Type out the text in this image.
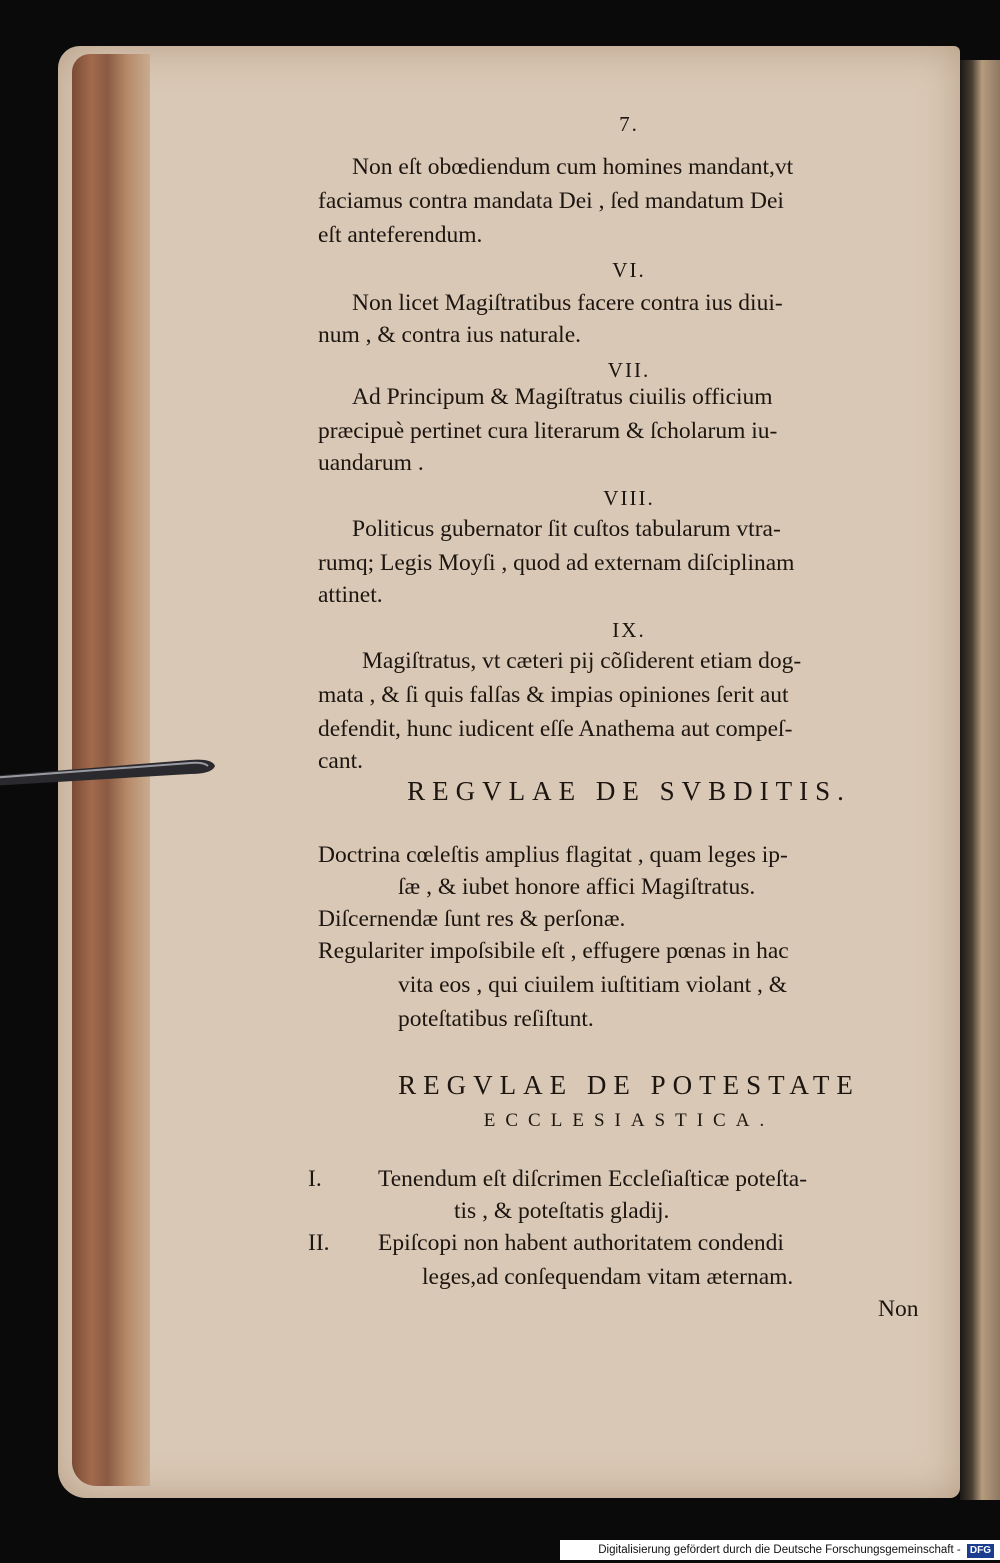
7.
Non eſt obœdiendum cum homines mandant,vt
faciamus contra mandata Dei , ſed mandatum Dei
eſt anteferendum.
VI.
Non licet Magiſtratibus facere contra ius diui-
num , & contra ius naturale.
VII.
Ad Principum & Magiſtratus ciuilis officium
præcipuè pertinet cura literarum & ſcholarum iu-
uandarum .
VIII.
Politicus gubernator ſit cuſtos tabularum vtra-
rumq; Legis Moyſi , quod ad externam diſciplinam
attinet.
IX.
Magiſtratus, vt cæteri pij cõſiderent etiam dog-
mata , & ſi quis falſas & impias opiniones ſerit aut
defendit, hunc iudicent eſſe Anathema aut compeſ-
cant.
REGVLAE DE SVBDITIS.
Doctrina cœleſtis amplius flagitat , quam leges ip-
ſæ , & iubet honore affici Magiſtratus.
Diſcernendæ ſunt res & perſonæ.
Regulariter impoſsibile eſt , effugere pœnas in hac
vita eos , qui ciuilem iuſtitiam violant , &
poteſtatibus reſiſtunt.
REGVLAE DE POTESTATE
ECCLESIASTICA.
I. Tenendum eſt diſcrimen Eccleſiaſticæ poteſta-
tis , & poteſtatis gladij.
II. Epiſcopi non habent authoritatem condendi
leges,ad conſequendam vitam æternam.
Non
Digitalisierung gefördert durch die Deutsche Forschungsgemeinschaft - DFG
